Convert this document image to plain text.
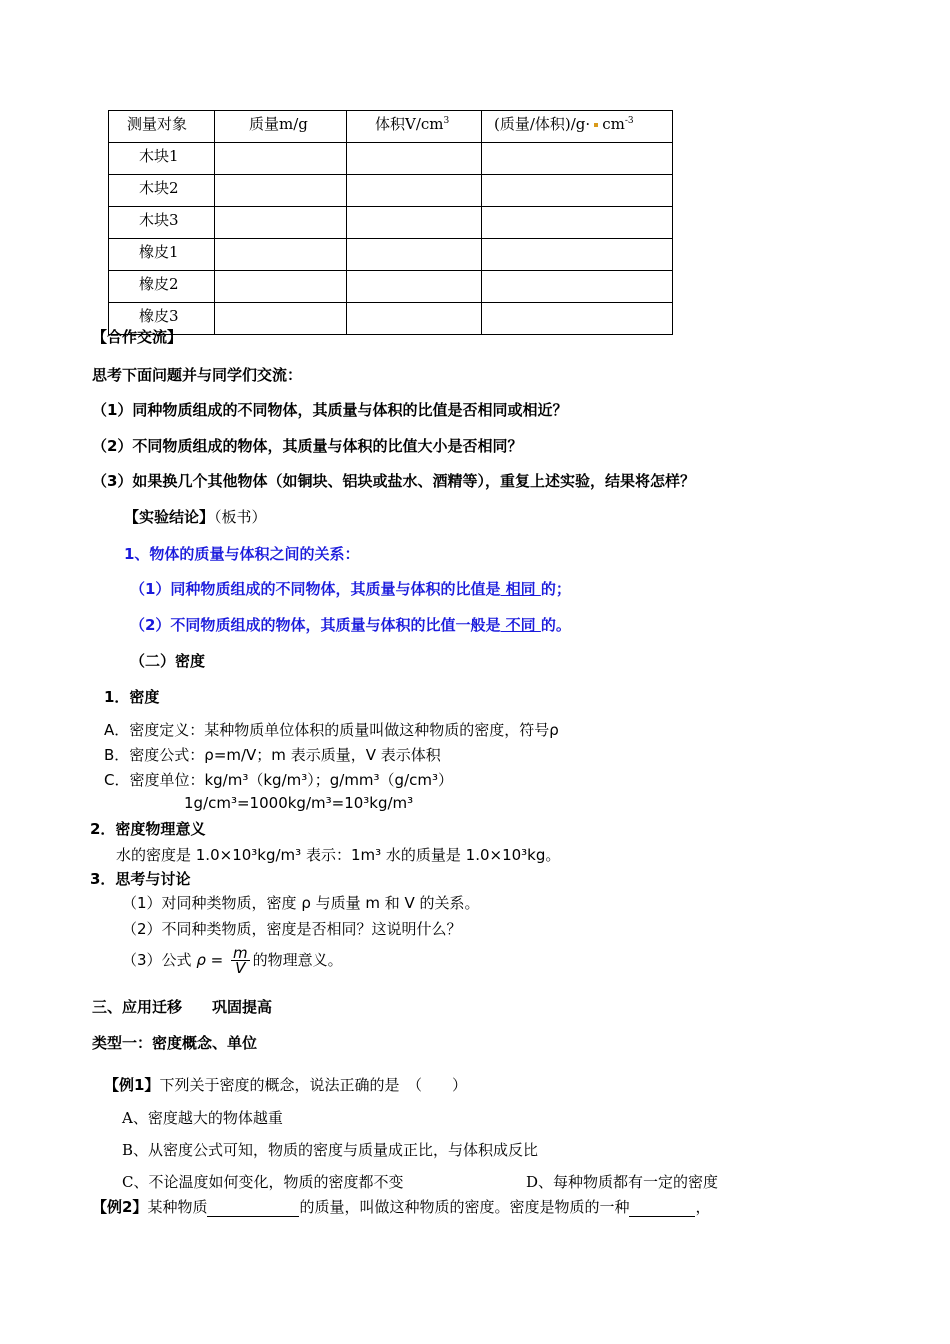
测量对象	质量m/g	体积$V/cm^3$	(质量/体积)$/g\cdot cm^{-3}$
木块1			
木块2			
木块3			
橡皮1			
橡皮2			
橡皮3			
【合作交流】
思考下面问题并与同学们交流：
（1）同种物质组成的不同物体，其质量与体积的比值是否相同或相近？
（2）不同物质组成的物体，其质量与体积的比值大小是否相同？
（3）如果换几个其他物体（如铜块、铝块或盐水、酒精等），重复上述实验，结果将怎样？
【实验结论】（板书）
1、物体的质量与体积之间的关系：
（1）同种物质组成的不同物体，其质量与体积的比值是 相同 的；
（2）不同物质组成的物体，其质量与体积的比值一般是 不同 的。
（二）密度
1．密度
A．密度定义：某种物质单位体积的质量叫做这种物质的密度，符号ρ
B．密度公式：ρ=m/V；m 表示质量，V 表示体积
C．密度单位：kg/m³（kg/m³）；g/mm³（g/cm³）
1g/cm³=1000kg/m³=10³kg/m³
2．密度物理意义
水的密度是 1.0×10³kg/m³ 表示：1m³ 水的质量是 1.0×10³kg。
3．思考与讨论
（1）对同种类物质，密度 ρ 与质量 m 和 V 的关系。
（2）不同种类物质，密度是否相同？这说明什么？
（3）公式 $\rho = \frac{m}{V}$ 的物理意义。
三、应用迁移　　巩固提高
类型一：密度概念、单位
【例1】下列关于密度的概念，说法正确的是　（　　）
A、密度越大的物体越重
B、从密度公式可知，物质的密度与质量成正比，与体积成反比
C、不论温度如何变化，物质的密度都不变	D、每种物质都有一定的密度
【例2】某种物质	的质量，叫做这种物质的密度。密度是物质的一种	，
